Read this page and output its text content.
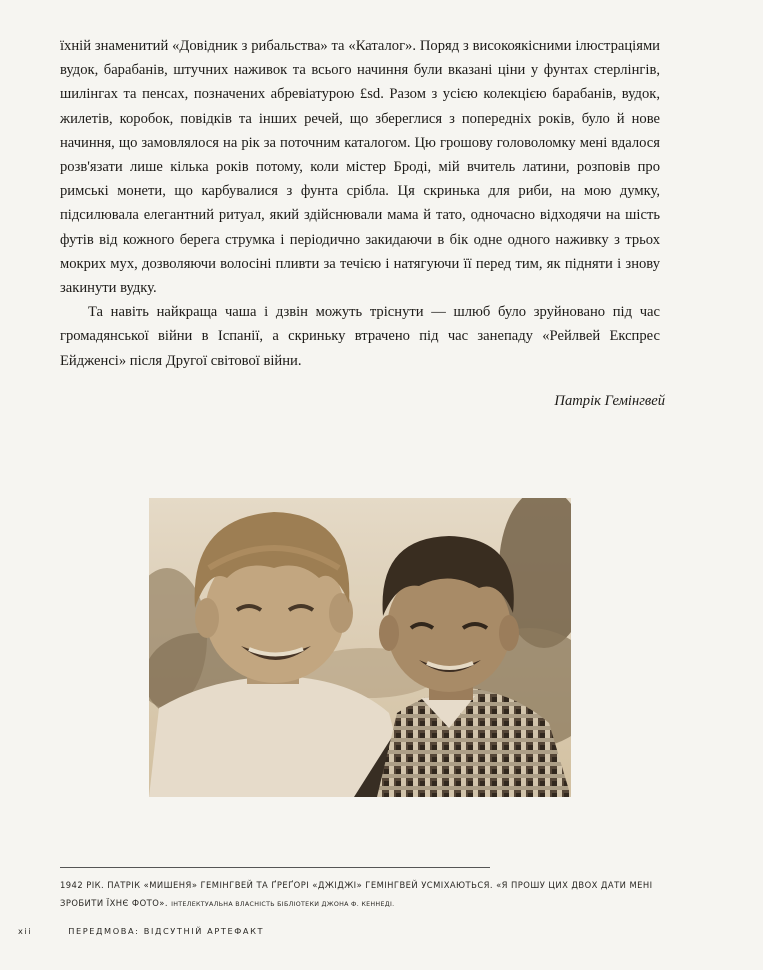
їхній знаменитий «Довідник з рибальства» та «Каталог». Поряд з високоякісними ілюстраціями вудок, барабанів, штучних наживок та всього начиння були вказані ціни у фунтах стерлінгів, шилінгах та пенсах, позначених абревіатурою £sd. Разом з усією колекцією барабанів, вудок, жилетів, коробок, повідків та інших речей, що збереглися з попередніх років, було й нове начиння, що замовлялося на рік за поточним каталогом. Цю грошову головоломку мені вдалося розв'язати лише кілька років потому, коли містер Броді, мій вчитель латини, розповів про римські монети, що карбувалися з фунта срібла. Ця скринька для риби, на мою думку, підсилювала елегантний ритуал, який здійснювали мама й тато, одночасно відходячи на шість футів від кожного берега струмка і періодично закидаючи в бік одне одного наживку з трьох мокрих мух, дозволяючи волосіні пливти за течією і натягуючи її перед тим, як підняти і знову закинути вудку.

Та навіть найкраща чаша і дзвін можуть тріснути — шлюб було зруйновано під час громадянської війни в Іспанії, а скриньку втрачено під час занепаду «Рейлвей Експрес Ейдженсі» після Другої світової війни.

Патрік Гемінгвей
1942 РІК. ПАТРІК «МИШЕНЯ» ГЕМІНГВЕЙ ТА ҐРЕҐОРІ «ДЖІДЖІ» ГЕМІНГВЕЙ УСМІХАЮТЬСЯ. «Я ПРОШУ ЦИХ ДВОХ ДАТИ МЕНІ ЗРОБИТИ ЇХНЄ ФОТО». ІНТЕЛЕКТУАЛЬНА ВЛАСНІСТЬ БІБЛІОТЕКИ ДЖОНА Ф. КЕННЕДІ.
xii	ПЕРЕДМОВА: ВІДСУТНІЙ АРТЕФАКТ
